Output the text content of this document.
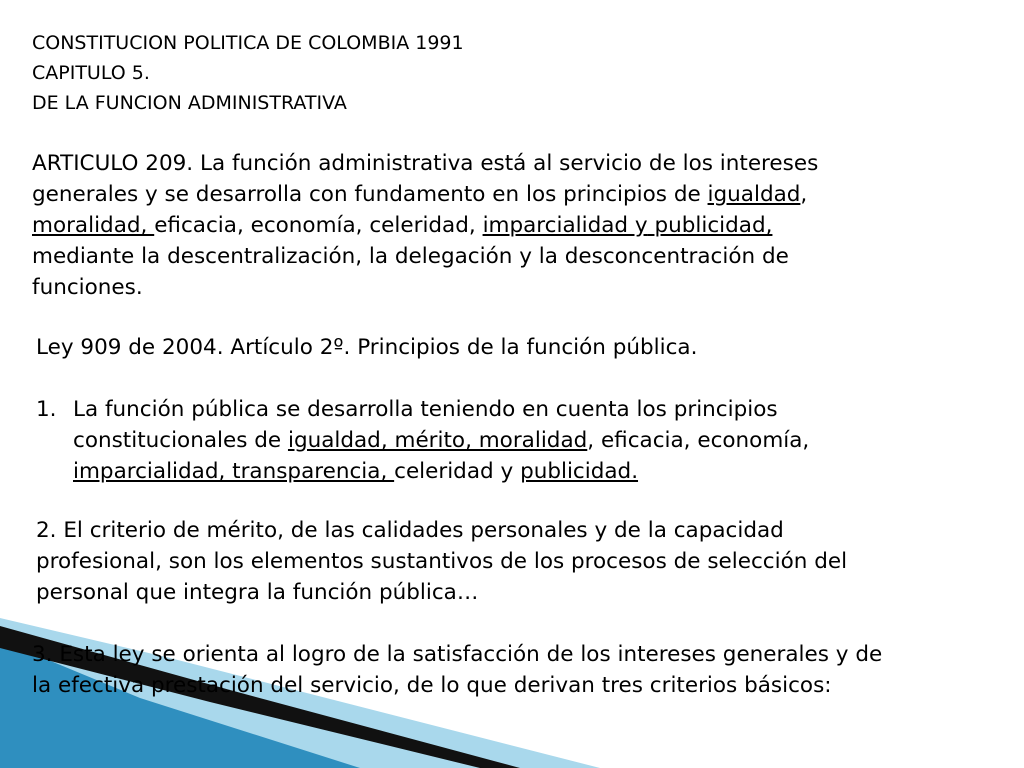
CONSTITUCION POLITICA DE COLOMBIA 1991
CAPITULO 5.
DE LA FUNCION ADMINISTRATIVA
ARTICULO 209. La función administrativa está al servicio de los intereses
generales y se desarrolla con fundamento en los principios de igualdad,
moralidad, eficacia, economía, celeridad, imparcialidad y publicidad,
mediante la descentralización, la delegación y la desconcentración de
funciones.
Ley 909 de 2004. Artículo 2º. Principios de la función pública.
1. La función pública se desarrolla teniendo en cuenta los principios
constitucionales de igualdad, mérito, moralidad, eficacia, economía,
imparcialidad, transparencia, celeridad y publicidad.
2. El criterio de mérito, de las calidades personales y de la capacidad
profesional, son los elementos sustantivos de los procesos de selección del
personal que integra la función pública…
3. Esta ley se orienta al logro de la satisfacción de los intereses generales y de
la efectiva prestación del servicio, de lo que derivan tres criterios básicos:
